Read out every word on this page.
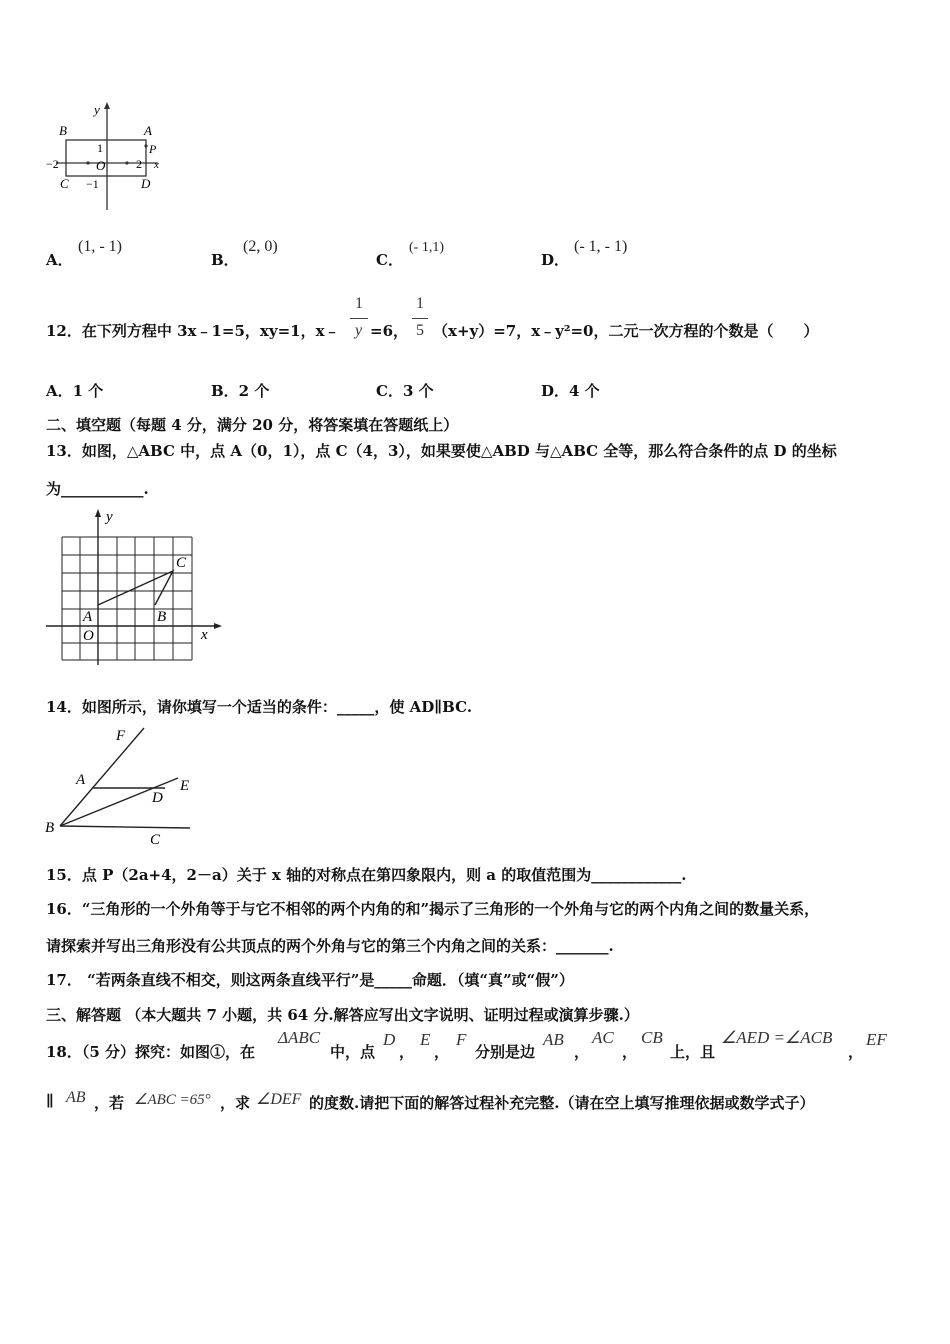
y
x
B	A
P
C	D
O
1
−1
−2	2
A．
(1, - 1)
B．
(2, 0)
C．
(- 1,1)
D．
(- 1, - 1)
12．在下列方程中 3x﹣1=5，xy=1，x﹣
1
y =6，
1
5 （x+y）=7，x﹣y²=0，二元一次方程的个数是（　　）
A．1 个	B．2 个	C．3 个	D．4 个
二、填空题（每题 4 分，满分 20 分，将答案填在答题纸上）
13．如图，△ABC 中，点 A（0，1），点 C（4，3），如果要使△ABD 与△ABC 全等，那么符合条件的点 D 的坐标
为___________.
y
x
C
A	B
O
14．如图所示，请你填写一个适当的条件：_____，使 AD∥BC.
F
A	E
D
B
C
15．点 P（2a+4，2－a）关于 x 轴的对称点在第四象限内，则 a 的取值范围为____________.
16．“三角形的一个外角等于与它不相邻的两个内角的和”揭示了三角形的一个外角与它的两个内角之间的数量关系，
请探索并写出三角形没有公共顶点的两个外角与它的第三个内角之间的关系：_______.
17． “若两条直线不相交，则这两条直线平行”是_____命题．（填“真”或“假”）
三、解答题 （本大题共 7 小题，共 64 分.解答应写出文字说明、证明过程或演算步骤.）
18．（5 分）探究：如图①，在
ΔABC
中，点
D
，
E
，
F
分别是边
AB
，
AC
，
CB
上，且
∠AED =∠ACB
，
EF
∥ AB ，若 ∠ABC =65° ，求 ∠DEF 的度数.请把下面的解答过程补充完整.（请在空上填写推理依据或数学式子）
